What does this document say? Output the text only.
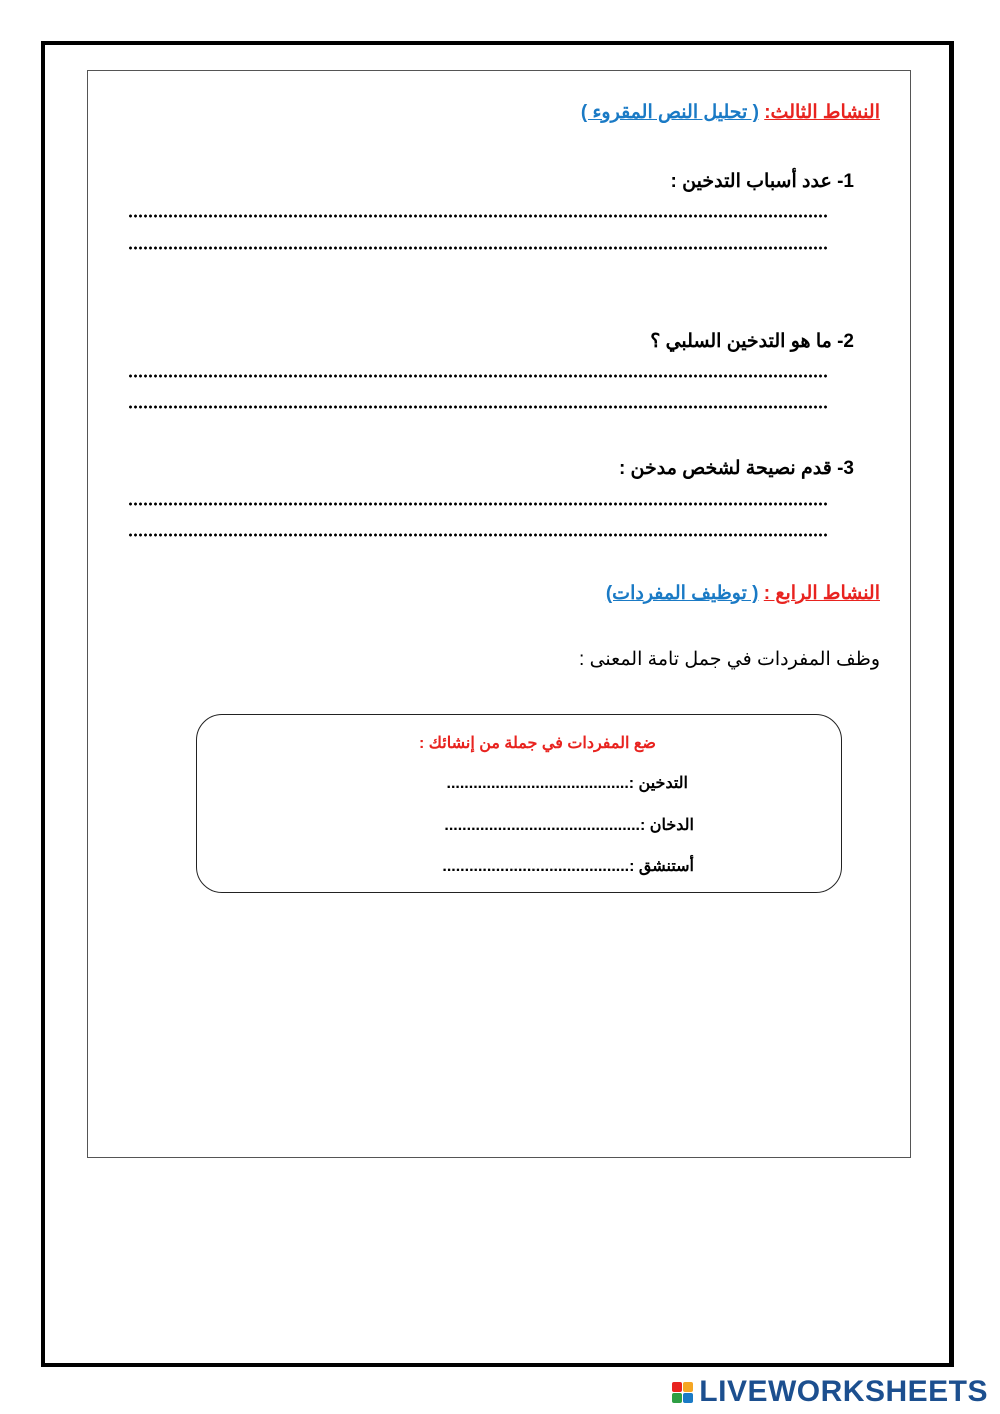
النشاط الثالث: ( تحليل النص المقروء )
1- عدد أسباب التدخين :
2- ما هو التدخين السلبي ؟
3- قدم نصيحة لشخص مدخن :
النشاط الرابع : ( توظيف المفردات)
وظف المفردات في جمل تامة المعنى :
ضع المفردات في جملة من إنشائك :
التدخين :.........................................
الدخان :............................................
أستنشق :..........................................
LIVEWORKSHEETS
